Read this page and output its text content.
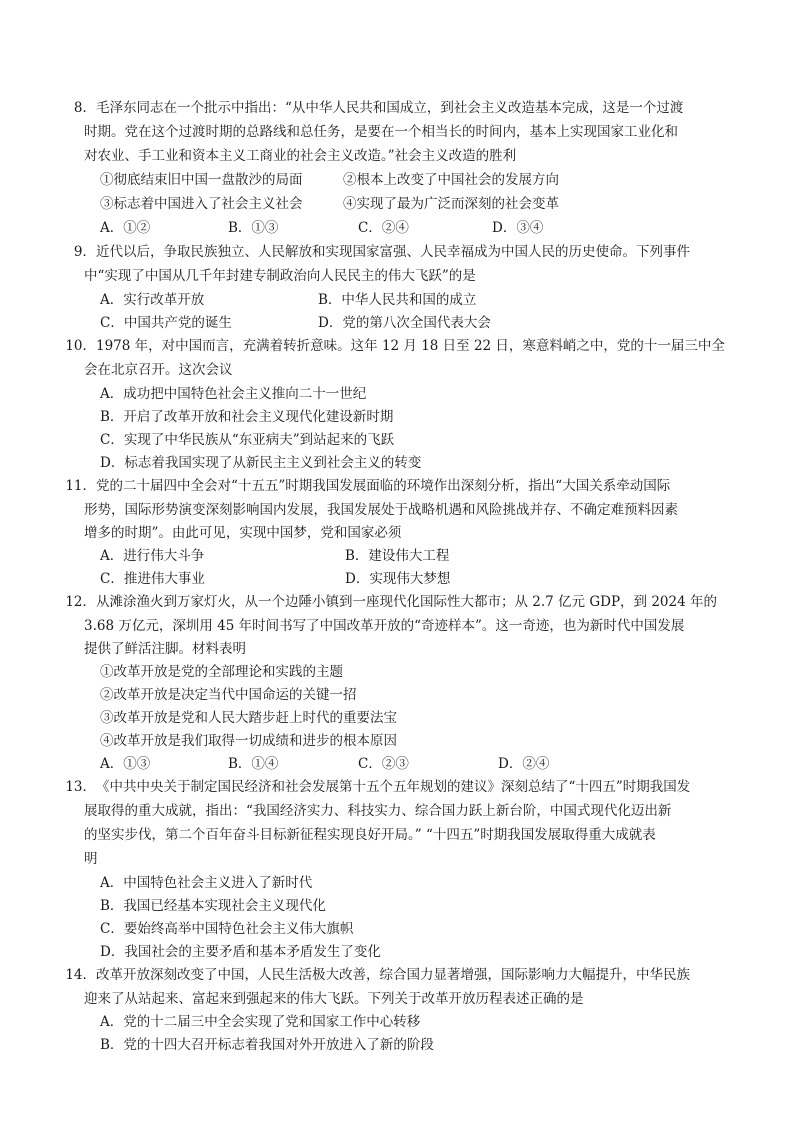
8． 毛泽东同志在一个批示中指出：“从中华人民共和国成立，到社会主义改造基本完成，这是一个过渡
时期。党在这个过渡时期的总路线和总任务，是要在一个相当长的时间内，基本上实现国家工业化和
对农业、手工业和资本主义工商业的社会主义改造。”社会主义改造的胜利
①彻底结束旧中国一盘散沙的局面	②根本上改变了中国社会的发展方向
③标志着中国进入了社会主义社会	④实现了最为广泛而深刻的社会变革
A．①②	B．①③	C．②④	D．③④
9． 近代以后，争取民族独立、人民解放和实现国家富强、人民幸福成为中国人民的历史使命。下列事件
中“实现了中国从几千年封建专制政治向人民民主的伟大飞跃”的是
A．实行改革开放	B．中华人民共和国的成立
C．中国共产党的诞生	D．党的第八次全国代表大会
10． 1978 年，对中国而言，充满着转折意味。这年 12 月 18 日至 22 日，寒意料峭之中，党的十一届三中全
会在北京召开。这次会议
A．成功把中国特色社会主义推向二十一世纪
B．开启了改革开放和社会主义现代化建设新时期
C．实现了中华民族从“东亚病夫”到站起来的飞跃
D．标志着我国实现了从新民主主义到社会主义的转变
11． 党的二十届四中全会对“十五五”时期我国发展面临的环境作出深刻分析，指出“大国关系牵动国际
形势，国际形势演变深刻影响国内发展，我国发展处于战略机遇和风险挑战并存、不确定难预料因素
增多的时期”。由此可见，实现中国梦，党和国家必须
A．进行伟大斗争	B．建设伟大工程
C．推进伟大事业	D．实现伟大梦想
12． 从滩涂渔火到万家灯火，从一个边陲小镇到一座现代化国际性大都市；从 2.7 亿元 GDP，到 2024 年的
3.68 万亿元，深圳用 45 年时间书写了中国改革开放的“奇迹样本”。这一奇迹，也为新时代中国发展
提供了鲜活注脚。材料表明
①改革开放是党的全部理论和实践的主题
②改革开放是决定当代中国命运的关键一招
③改革开放是党和人民大踏步赶上时代的重要法宝
④改革开放是我们取得一切成绩和进步的根本原因
A．①③	B．①④	C．②③	D．②④
13． 《中共中央关于制定国民经济和社会发展第十五个五年规划的建议》深刻总结了“十四五”时期我国发
展取得的重大成就，指出：“我国经济实力、科技实力、综合国力跃上新台阶，中国式现代化迈出新
的坚实步伐，第二个百年奋斗目标新征程实现良好开局。” “十四五”时期我国发展取得重大成就表
明
A．中国特色社会主义进入了新时代
B．我国已经基本实现社会主义现代化
C．要始终高举中国特色社会主义伟大旗帜
D．我国社会的主要矛盾和基本矛盾发生了变化
14． 改革开放深刻改变了中国，人民生活极大改善，综合国力显著增强，国际影响力大幅提升，中华民族
迎来了从站起来、富起来到强起来的伟大飞跃。下列关于改革开放历程表述正确的是
A．党的十二届三中全会实现了党和国家工作中心转移
B．党的十四大召开标志着我国对外开放进入了新的阶段
